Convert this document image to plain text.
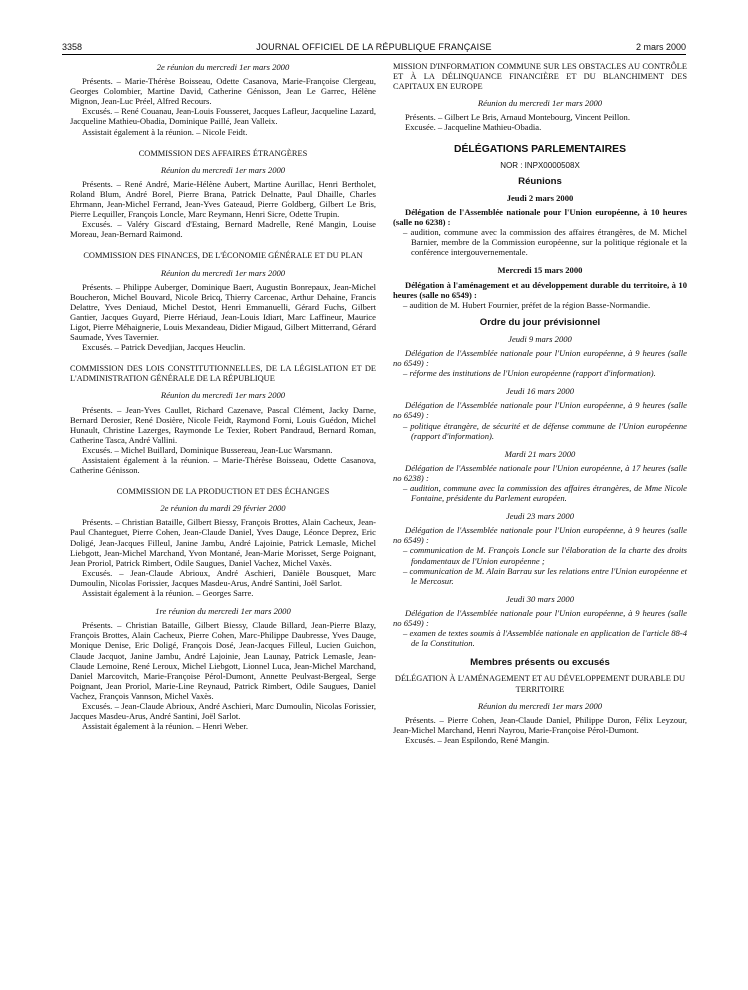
3358	JOURNAL OFFICIEL DE LA RÉPUBLIQUE FRANÇAISE	2 mars 2000

2e réunion du mercredi 1er mars 2000

Présents. – Marie-Thérèse Boisseau, Odette Casanova, Marie-Françoise Clergeau, Georges Colombier, Martine David, Catherine Génisson, Jean Le Garrec, Hélène Mignon, Jean-Luc Préel, Alfred Recours.

Excusés. – René Couanau, Jean-Louis Fousseret, Jacques Lafleur, Jacqueline Lazard, Jacqueline Mathieu-Obadia, Dominique Paillé, Jean Valleix.

Assistait également à la réunion. – Nicole Feidt.

COMMISSION DES AFFAIRES ÉTRANGÈRES

Réunion du mercredi 1er mars 2000

Présents. – René André, Marie-Hélène Aubert, Martine Aurillac, Henri Bertholet, Roland Blum, André Borel, Pierre Brana, Patrick Delnatte, Paul Dhaille, Charles Ehrmann, Jean-Michel Ferrand, Jean-Yves Gateaud, Pierre Goldberg, Gilbert Le Bris, Pierre Lequiller, François Loncle, Marc Reymann, Henri Sicre, Odette Trupin.

Excusés. – Valéry Giscard d'Estaing, Bernard Madrelle, René Mangin, Louise Moreau, Jean-Bernard Raimond.

COMMISSION DES FINANCES, DE L'ÉCONOMIE GÉNÉRALE ET DU PLAN

Réunion du mercredi 1er mars 2000

Présents. – Philippe Auberger, Dominique Baert, Augustin Bonrepaux, Jean-Michel Boucheron, Michel Bouvard, Nicole Bricq, Thierry Carcenac, Arthur Dehaine, Francis Delattre, Yves Deniaud, Michel Destot, Henri Emmanuelli, Gérard Fuchs, Gilbert Gantier, Jacques Guyard, Pierre Hériaud, Jean-Louis Idiart, Marc Laffineur, Maurice Ligot, Pierre Méhaignerie, Louis Mexandeau, Didier Migaud, Gilbert Mitterrand, Gérard Saumade, Yves Tavernier.

Excusés. – Patrick Devedjian, Jacques Heuclin.

COMMISSION DES LOIS CONSTITUTIONNELLES, DE LA LÉGISLATION ET DE L'ADMINISTRATION GÉNÉRALE DE LA RÉPUBLIQUE

Réunion du mercredi 1er mars 2000

Présents. – Jean-Yves Caullet, Richard Cazenave, Pascal Clément, Jacky Darne, Bernard Derosier, René Dosière, Nicole Feidt, Raymond Forni, Louis Guédon, Michel Hunault, Christine Lazerges, Raymonde Le Texier, Robert Pandraud, Bernard Roman, Catherine Tasca, André Vallini.

Excusés. – Michel Buillard, Dominique Bussereau, Jean-Luc Warsmann.

Assistaient également à la réunion. – Marie-Thérèse Boisseau, Odette Casanova, Catherine Génisson.

COMMISSION DE LA PRODUCTION ET DES ÉCHANGES

2e réunion du mardi 29 février 2000

Présents. – Christian Bataille, Gilbert Biessy, François Brottes, Alain Cacheux, Jean-Paul Chanteguet, Pierre Cohen, Jean-Claude Daniel, Yves Dauge, Léonce Deprez, Eric Doligé, Jean-Jacques Filleul, Janine Jambu, André Lajoinie, Patrick Lemasle, Michel Liebgott, Jean-Michel Marchand, Yvon Montané, Jean-Marie Morisset, Serge Poignant, Jean Proriol, Patrick Rimbert, Odile Saugues, Daniel Vachez, Michel Vaxès.

Excusés. – Jean-Claude Abrioux, André Aschieri, Danièle Bousquet, Marc Dumoulin, Nicolas Forissier, Jacques Masdeu-Arus, André Santini, Joël Sarlot.

Assistait également à la réunion. – Georges Sarre.

1re réunion du mercredi 1er mars 2000

Présents. – Christian Bataille, Gilbert Biessy, Claude Billard, Jean-Pierre Blazy, François Brottes, Alain Cacheux, Pierre Cohen, Marc-Philippe Daubresse, Yves Dauge, Monique Denise, Eric Doligé, François Dosé, Jean-Jacques Filleul, Lucien Guichon, Claude Jacquot, Janine Jambu, André Lajoinie, Jean Launay, Patrick Lemasle, Jean-Claude Lemoine, René Leroux, Michel Liebgott, Lionnel Luca, Jean-Michel Marchand, Daniel Marcovitch, Marie-Françoise Pérol-Dumont, Annette Peulvast-Bergeal, Serge Poignant, Jean Proriol, Marie-Line Reynaud, Patrick Rimbert, Odile Saugues, Daniel Vachez, François Vannson, Michel Vaxès.

Excusés. – Jean-Claude Abrioux, André Aschieri, Marc Dumoulin, Nicolas Forissier, Jacques Masdeu-Arus, André Santini, Joël Sarlot.

Assistait également à la réunion. – Henri Weber.

MISSION D'INFORMATION COMMUNE SUR LES OBSTACLES AU CONTRÔLE ET À LA DÉLINQUANCE FINANCIÈRE ET DU BLANCHIMENT DES CAPITAUX EN EUROPE

Réunion du mercredi 1er mars 2000

Présents. – Gilbert Le Bris, Arnaud Montebourg, Vincent Peillon.

Excusée. – Jacqueline Mathieu-Obadia.

DÉLÉGATIONS PARLEMENTAIRES

NOR : INPX0000508X

Réunions

Jeudi 2 mars 2000

Délégation de l'Assemblée nationale pour l'Union européenne, à 10 heures (salle no 6238) :

– audition, commune avec la commission des affaires étrangères, de M. Michel Barnier, membre de la Commission européenne, sur la politique régionale et la conférence intergouvernementale.

Mercredi 15 mars 2000

Délégation à l'aménagement et au développement durable du territoire, à 10 heures (salle no 6549) :

– audition de M. Hubert Fournier, préfet de la région Basse-Normandie.

Ordre du jour prévisionnel

Jeudi 9 mars 2000

Délégation de l'Assemblée nationale pour l'Union européenne, à 9 heures (salle no 6549) :

– réforme des institutions de l'Union européenne (rapport d'information).

Jeudi 16 mars 2000

Délégation de l'Assemblée nationale pour l'Union européenne, à 9 heures (salle no 6549) :

– politique étrangère, de sécurité et de défense commune de l'Union européenne (rapport d'information).

Mardi 21 mars 2000

Délégation de l'Assemblée nationale pour l'Union européenne, à 17 heures (salle no 6238) :

– audition, commune avec la commission des affaires étrangères, de Mme Nicole Fontaine, présidente du Parlement européen.

Jeudi 23 mars 2000

Délégation de l'Assemblée nationale pour l'Union européenne, à 9 heures (salle no 6549) :

– communication de M. François Loncle sur l'élaboration de la charte des droits fondamentaux de l'Union européenne ;

– communication de M. Alain Barrau sur les relations entre l'Union européenne et le Mercosur.

Jeudi 30 mars 2000

Délégation de l'Assemblée nationale pour l'Union européenne, à 9 heures (salle no 6549) :

– examen de textes soumis à l'Assemblée nationale en application de l'article 88-4 de la Constitution.

Membres présents ou excusés

DÉLÉGATION À L'AMÉNAGEMENT ET AU DÉVELOPPEMENT DURABLE DU TERRITOIRE

Réunion du mercredi 1er mars 2000

Présents. – Pierre Cohen, Jean-Claude Daniel, Philippe Duron, Félix Leyzour, Jean-Michel Marchand, Henri Nayrou, Marie-Françoise Pérol-Dumont.

Excusés. – Jean Espilondo, René Mangin.
